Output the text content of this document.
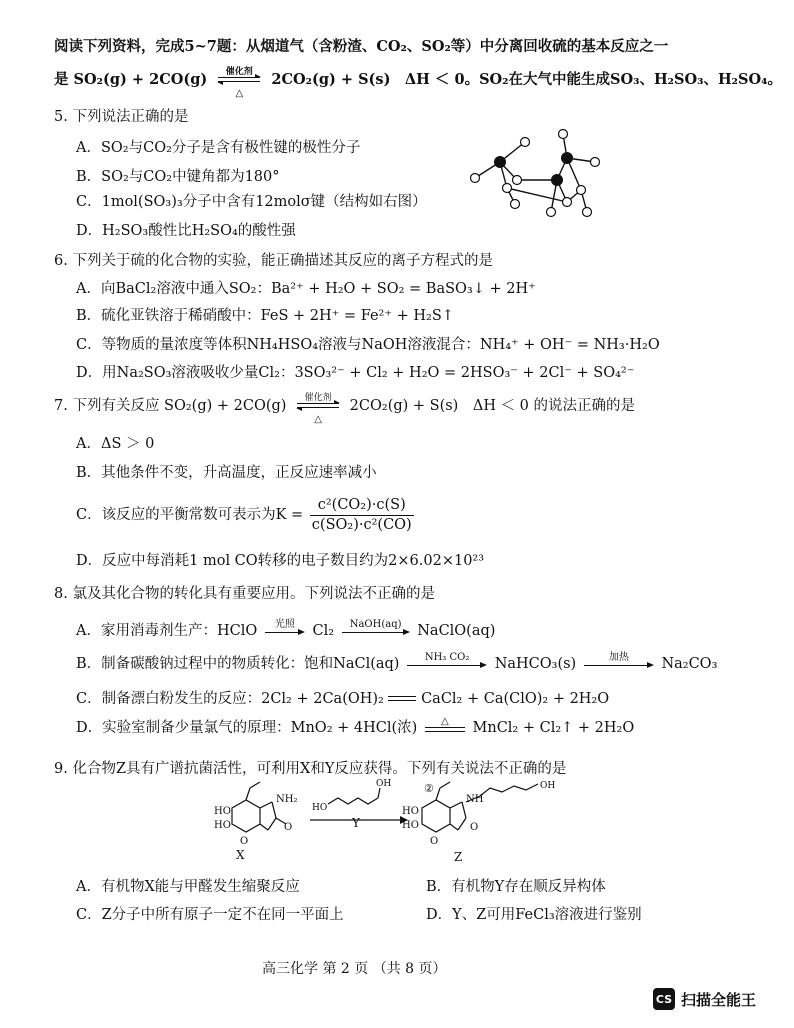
阅读下列资料，完成5~7题：从烟道气（含粉渣、CO₂、SO₂等）中分离回收硫的基本反应之一
是 SO₂(g) + 2CO(g)	催化剂
△
2CO₂(g) + S(s)　ΔH ＜ 0。SO₂在大气中能生成SO₃、H₂SO₃、H₂SO₄。
5. 下列说法正确的是
A．SO₂与CO₂分子是含有极性键的极性分子
B．SO₂与CO₂中键角都为180°
C．1mol(SO₃)₃分子中含有12molσ键（结构如右图）
D．H₂SO₃酸性比H₂SO₄的酸性强
6. 下列关于硫的化合物的实验，能正确描述其反应的离子方程式的是
A．向BaCl₂溶液中通入SO₂：Ba²⁺ + H₂O + SO₂ = BaSO₃↓ + 2H⁺
B．硫化亚铁溶于稀硝酸中：FeS + 2H⁺ = Fe²⁺ + H₂S↑
C．等物质的量浓度等体积NH₄HSO₄溶液与NaOH溶液混合：NH₄⁺ + OH⁻ = NH₃·H₂O
D．用Na₂SO₃溶液吸收少量Cl₂：3SO₃²⁻ + Cl₂ + H₂O = 2HSO₃⁻ + 2Cl⁻ + SO₄²⁻
7. 下列有关反应 SO₂(g) + 2CO(g)	催化剂
△
2CO₂(g) + S(s)　ΔH ＜ 0 的说法正确的是
A．ΔS ＞ 0
B．其他条件不变，升高温度，正反应速率减小
C．该反应的平衡常数可表示为$K = \frac{\text{c²(CO₂)·c(S)}}{\text{c(SO₂)·c²(CO)}}$
D．反应中每消耗1 mol CO转移的电子数目约为2×6.02×10²³
8. 氯及其化合物的转化具有重要应用。下列说法不正确的是
A．家用消毒剂生产：HClO	光照	Cl₂	NaOH(aq)	NaClO(aq)
B．制备碳酸钠过程中的物质转化：饱和NaCl(aq)	NH₃ CO₂	NaHCO₃(s)	加热	Na₂CO₃
C．制备漂白粉发生的反应：2Cl₂ + 2Ca(OH)₂	CaCl₂ + Ca(ClO)₂ + 2H₂O
D．实验室制备少量氯气的原理：MnO₂ + 4HCl(浓)	△	MnCl₂ + Cl₂↑ + 2H₂O
9. 化合物Z具有广谱抗菌活性，可利用X和Y反应获得。下列有关说法不正确的是
HO
HO
NH₂
O
O
HO
OH
HO
HO
NH
O
O
OH
②
X
Y
Z
A．有机物X能与甲醛发生缩聚反应	B．有机物Y存在顺反异构体
C．Z分子中所有原子一定不在同一平面上	D．Y、Z可用FeCl₃溶液进行鉴别
高三化学 第 2 页 （共 8 页）
CS 扫描全能王
